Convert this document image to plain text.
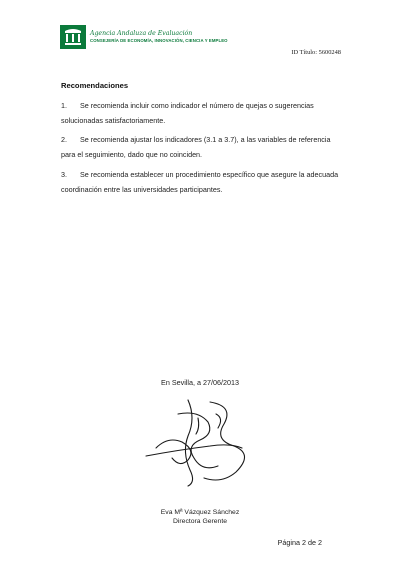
Agencia Andaluza de Evaluación
CONSEJERÍA DE ECONOMÍA, INNOVACIÓN, CIENCIA Y EMPLEO
ID Título: 5600248
Recomendaciones
1. Se recomienda incluir como indicador el número de quejas o sugerencias solucionadas satisfactoriamente.
2. Se recomienda ajustar los indicadores (3.1 a 3.7), a las variables de referencia para el seguimiento, dado que no coinciden.
3. Se recomienda establecer un procedimiento específico que asegure la adecuada coordinación entre las universidades participantes.
En Sevilla, a 27/06/2013
Eva Mª Vázquez Sánchez
Directora Gerente
Página 2 de 2
